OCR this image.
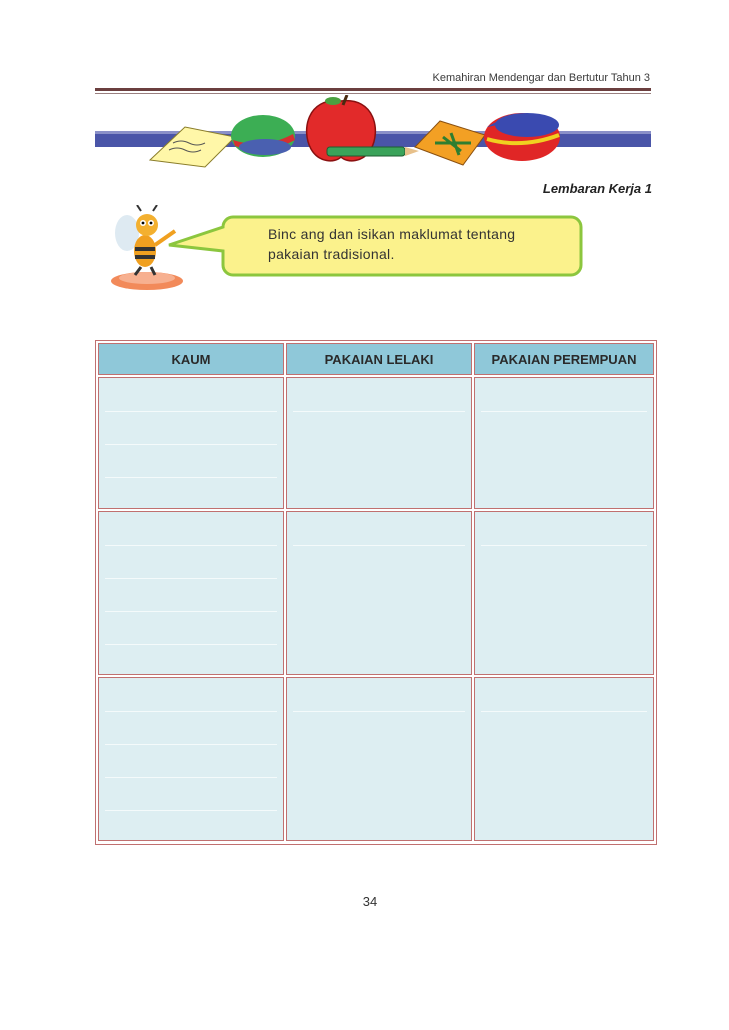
Kemahiran Mendengar dan Bertutur Tahun 3
Lembaran Kerja 1
Binc ang dan isikan maklumat tentang pakaian tradisional.
KAUM	PAKAIAN LELAKI	PAKAIAN PEREMPUAN
34
